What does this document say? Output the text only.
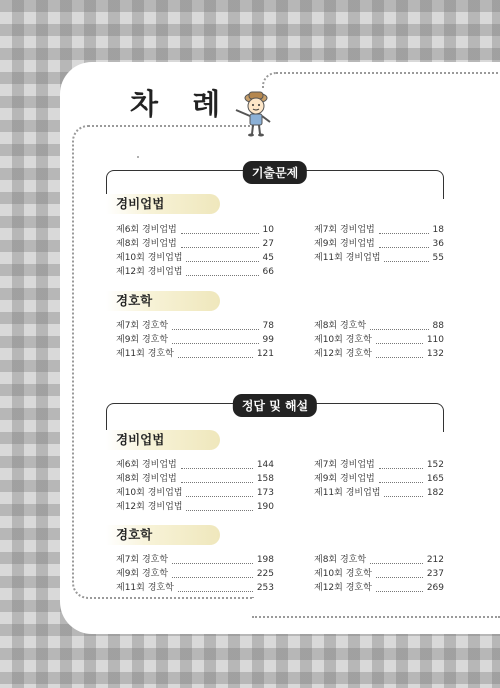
차 례
기출문제
경비업법
제6회 경비업법	10
제8회 경비업법	27
제10회 경비업법	45
제12회 경비업법	66
제7회 경비업법	18
제9회 경비업법	36
제11회 경비업법	55
경호학
제7회 경호학	78
제9회 경호학	99
제11회 경호학	121
제8회 경호학	88
제10회 경호학	110
제12회 경호학	132
정답 및 해설
경비업법
제6회 경비업법	144
제8회 경비업법	158
제10회 경비업법	173
제12회 경비업법	190
제7회 경비업법	152
제9회 경비업법	165
제11회 경비업법	182
경호학
제7회 경호학	198
제9회 경호학	225
제11회 경호학	253
제8회 경호학	212
제10회 경호학	237
제12회 경호학	269
